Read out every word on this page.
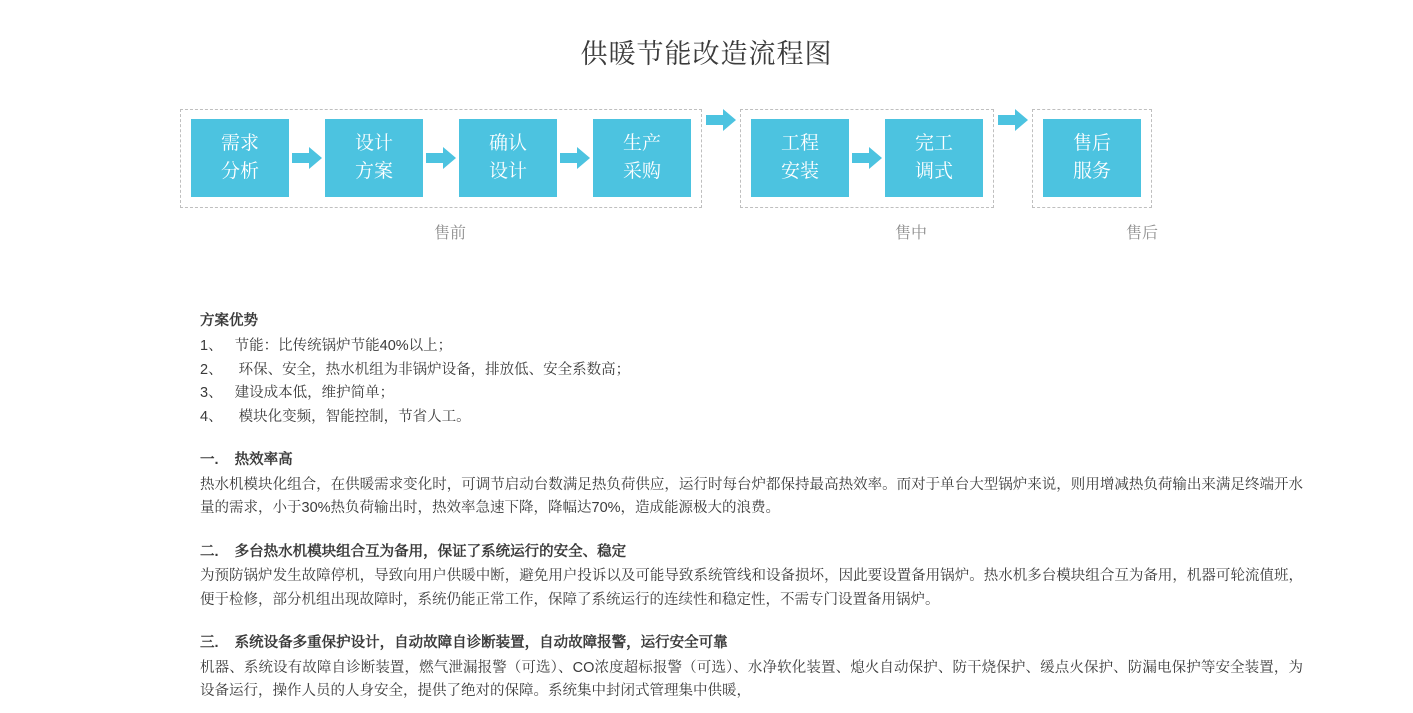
供暖节能改造流程图
需求
分析
设计
方案
确认
设计
生产
采购
工程
安装
完工
调式
售后
服务
售前	售中	售后
方案优势
1、   节能：比传统锅炉节能40%以上；
2、    环保、安全，热水机组为非锅炉设备，排放低、安全系数高；
3、   建设成本低，维护简单；
4、    模块化变频，智能控制，节省人工。
一.    热效率高
热水机模块化组合，在供暖需求变化时，可调节启动台数满足热负荷供应，运行时每台炉都保持最高热效率。而对于单台大型锅炉来说，则用增减热负荷输出来满足终端开水量的需求，小于30%热负荷输出时，热效率急速下降，降幅达70%，造成能源极大的浪费。
二.    多台热水机模块组合互为备用，保证了系统运行的安全、稳定
为预防锅炉发生故障停机，导致向用户供暖中断，避免用户投诉以及可能导致系统管线和设备损坏，因此要设置备用锅炉。热水机多台模块组合互为备用，机器可轮流值班，便于检修，部分机组出现故障时，系统仍能正常工作，保障了系统运行的连续性和稳定性，不需专门设置备用锅炉。
三.    系统设备多重保护设计，自动故障自诊断装置，自动故障报警，运行安全可靠
机器、系统设有故障自诊断装置，燃气泄漏报警（可选）、CO浓度超标报警（可选）、水净软化装置、熄火自动保护、防干烧保护、缓点火保护、防漏电保护等安全装置，为设备运行，操作人员的人身安全，提供了绝对的保障。系统集中封闭式管理集中供暖，
